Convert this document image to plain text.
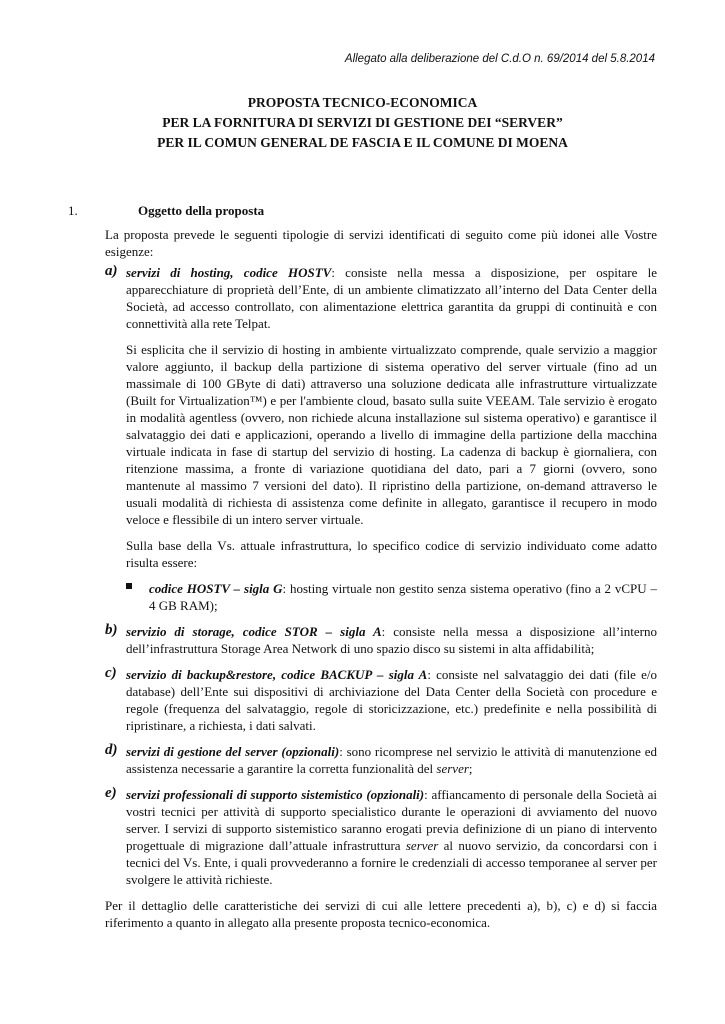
Allegato alla deliberazione del C.d.O n. 69/2014 del 5.8.2014
PROPOSTA TECNICO-ECONOMICA
PER LA FORNITURA DI SERVIZI DI GESTIONE DEI “SERVER”
PER IL COMUN GENERAL DE FASCIA E IL COMUNE DI MOENA
1.	Oggetto della proposta

La proposta prevede le seguenti tipologie di servizi identificati di seguito come più idonei alle Vostre esigenze:

a) servizi di hosting, codice HOSTV: consiste nella messa a disposizione, per ospitare le apparecchiature di proprietà dell’Ente, di un ambiente climatizzato all’interno del Data Center della Società, ad accesso controllato, con alimentazione elettrica garantita da gruppi di continuità e con connettività alla rete Telpat.

Si esplicita che il servizio di hosting in ambiente virtualizzato comprende, quale servizio a maggior valore aggiunto, il backup della partizione di sistema operativo del server virtuale (fino ad un massimale di 100 GByte di dati) attraverso una soluzione dedicata alle infrastrutture virtualizzate (Built for Virtualization™) e per l'ambiente cloud, basato sulla suite VEEAM. Tale servizio è erogato in modalità agentless (ovvero, non richiede alcuna installazione sul sistema operativo) e garantisce il salvataggio dei dati e applicazioni, operando a livello di immagine della partizione della macchina virtuale indicata in fase di startup del servizio di hosting. La cadenza di backup è giornaliera, con ritenzione massima, a fronte di variazione quotidiana del dato, pari a 7 giorni (ovvero, sono mantenute al massimo 7 versioni del dato). Il ripristino della partizione, on-demand attraverso le usuali modalità di richiesta di assistenza come definite in allegato, garantisce il recupero in modo veloce e flessibile di un intero server virtuale.

Sulla base della Vs. attuale infrastruttura, lo specifico codice di servizio individuato come adatto risulta essere:

codice HOSTV – sigla G: hosting virtuale non gestito senza sistema operativo (fino a 2 vCPU – 4 GB RAM);
b) servizio di storage, codice STOR – sigla A: consiste nella messa a disposizione all’interno dell’infrastruttura Storage Area Network di uno spazio disco su sistemi in alta affidabilità;

c) servizio di backup&restore, codice BACKUP – sigla A: consiste nel salvataggio dei dati (file e/o database) dell’Ente sui dispositivi di archiviazione del Data Center della Società con procedure e regole (frequenza del salvataggio, regole di storicizzazione, etc.) predefinite e nella possibilità di ripristinare, a richiesta, i dati salvati.

d) servizi di gestione del server (opzionali): sono ricomprese nel servizio le attività di manutenzione ed assistenza necessarie a garantire la corretta funzionalità del server;

e) servizi professionali di supporto sistemistico (opzionali): affiancamento di personale della Società ai vostri tecnici per attività di supporto specialistico durante le operazioni di avviamento del nuovo server. I servizi di supporto sistemistico saranno erogati previa definizione di un piano di intervento progettuale di migrazione dall’attuale infrastruttura server al nuovo servizio, da concordarsi con i tecnici del Vs. Ente, i quali provvederanno a fornire le credenziali di accesso temporanee al server per svolgere le attività richieste.

Per il dettaglio delle caratteristiche dei servizi di cui alle lettere precedenti a), b), c) e d) si faccia riferimento a quanto in allegato alla presente proposta tecnico-economica.
